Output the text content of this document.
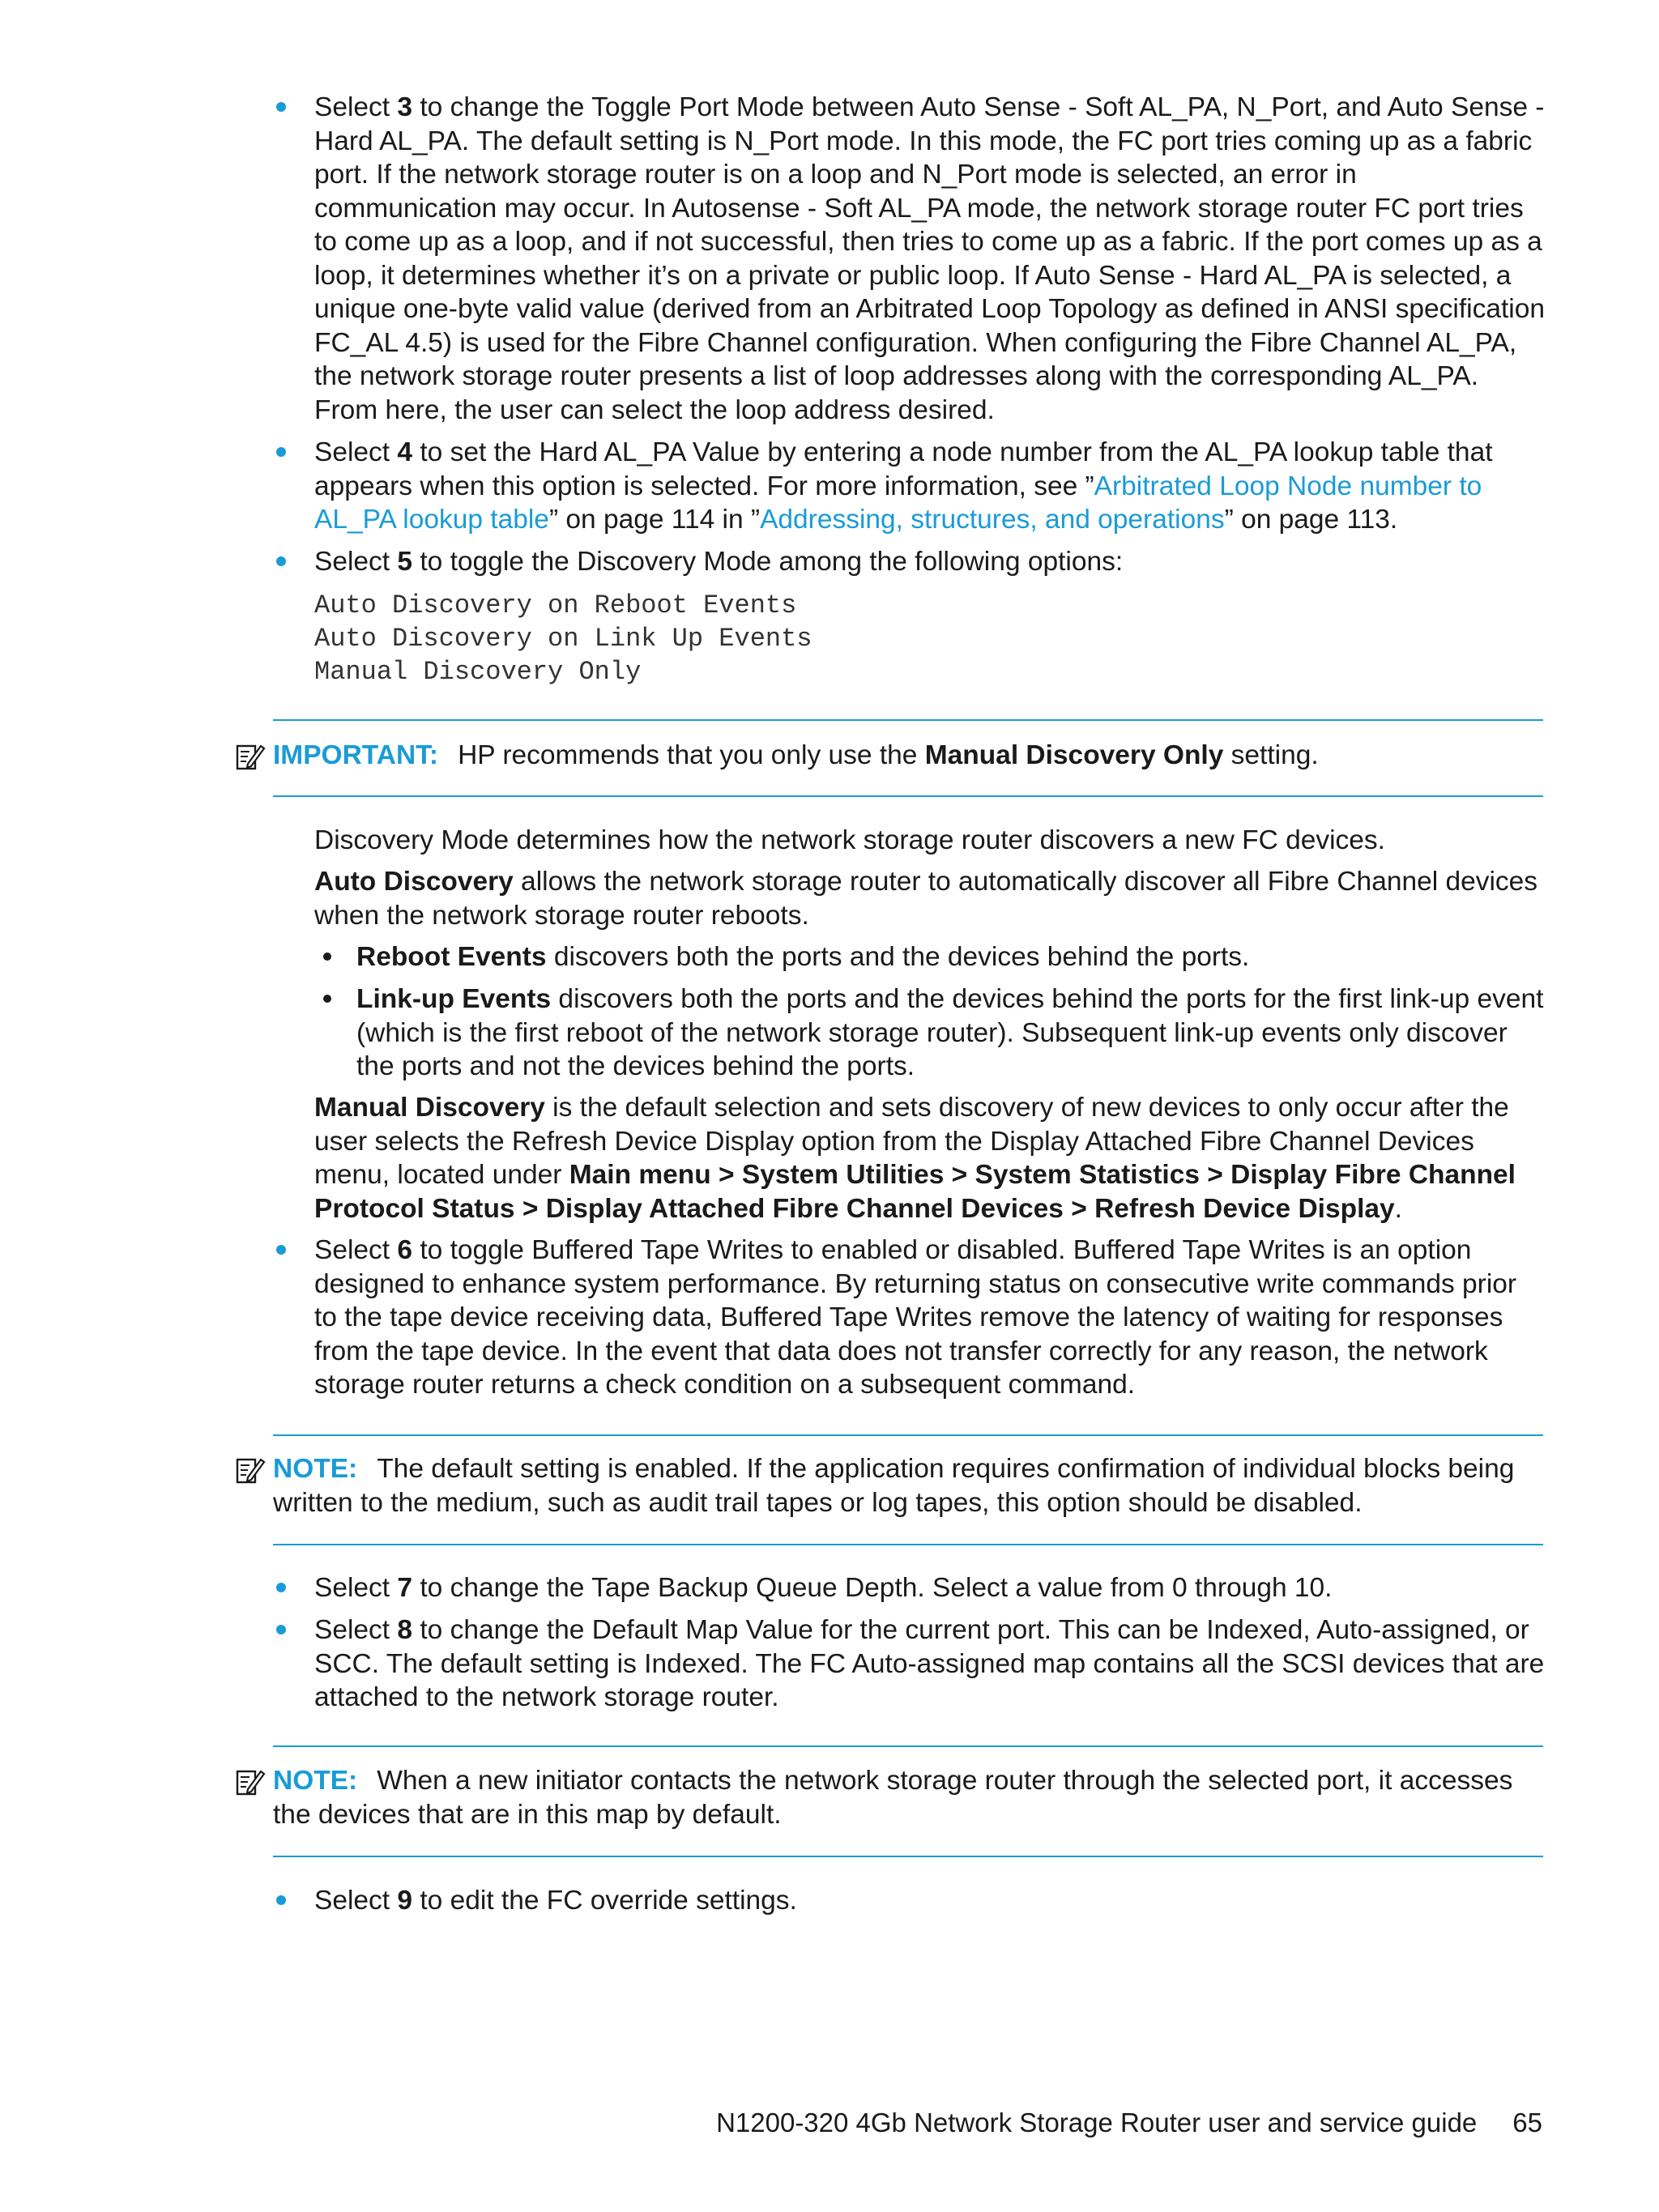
Select 3 to change the Toggle Port Mode between Auto Sense - Soft AL_PA, N_Port, and Auto Sense - Hard AL_PA. The default setting is N_Port mode. In this mode, the FC port tries coming up as a fabric port. If the network storage router is on a loop and N_Port mode is selected, an error in communication may occur. In Autosense - Soft AL_PA mode, the network storage router FC port tries to come up as a loop, and if not successful, then tries to come up as a fabric. If the port comes up as a loop, it determines whether it’s on a private or public loop. If Auto Sense - Hard AL_PA is selected, a unique one-byte valid value (derived from an Arbitrated Loop Topology as defined in ANSI specification FC_AL 4.5) is used for the Fibre Channel configuration. When configuring the Fibre Channel AL_PA, the network storage router presents a list of loop addresses along with the corresponding AL_PA. From here, the user can select the loop address desired.
Select 4 to set the Hard AL_PA Value by entering a node number from the AL_PA lookup table that appears when this option is selected. For more information, see ”Arbitrated Loop Node number to AL_PA lookup table” on page 114 in ”Addressing, structures, and operations” on page 113.
Select 5 to toggle the Discovery Mode among the following options:
Auto Discovery on Reboot Events
Auto Discovery on Link Up Events
Manual Discovery Only
IMPORTANT: HP recommends that you only use the Manual Discovery Only setting.
Discovery Mode determines how the network storage router discovers a new FC devices.
Auto Discovery allows the network storage router to automatically discover all Fibre Channel devices when the network storage router reboots.
Reboot Events discovers both the ports and the devices behind the ports.
Link-up Events discovers both the ports and the devices behind the ports for the first link-up event (which is the first reboot of the network storage router). Subsequent link-up events only discover the ports and not the devices behind the ports.
Manual Discovery is the default selection and sets discovery of new devices to only occur after the user selects the Refresh Device Display option from the Display Attached Fibre Channel Devices menu, located under Main menu > System Utilities > System Statistics > Display Fibre Channel Protocol Status > Display Attached Fibre Channel Devices > Refresh Device Display.
Select 6 to toggle Buffered Tape Writes to enabled or disabled. Buffered Tape Writes is an option designed to enhance system performance. By returning status on consecutive write commands prior to the tape device receiving data, Buffered Tape Writes remove the latency of waiting for responses from the tape device. In the event that data does not transfer correctly for any reason, the network storage router returns a check condition on a subsequent command.
NOTE: The default setting is enabled. If the application requires confirmation of individual blocks being written to the medium, such as audit trail tapes or log tapes, this option should be disabled.
Select 7 to change the Tape Backup Queue Depth. Select a value from 0 through 10.
Select 8 to change the Default Map Value for the current port. This can be Indexed, Auto-assigned, or SCC. The default setting is Indexed. The FC Auto-assigned map contains all the SCSI devices that are attached to the network storage router.
NOTE: When a new initiator contacts the network storage router through the selected port, it accesses the devices that are in this map by default.
Select 9 to edit the FC override settings.
N1200-320 4Gb Network Storage Router user and service guide 65
